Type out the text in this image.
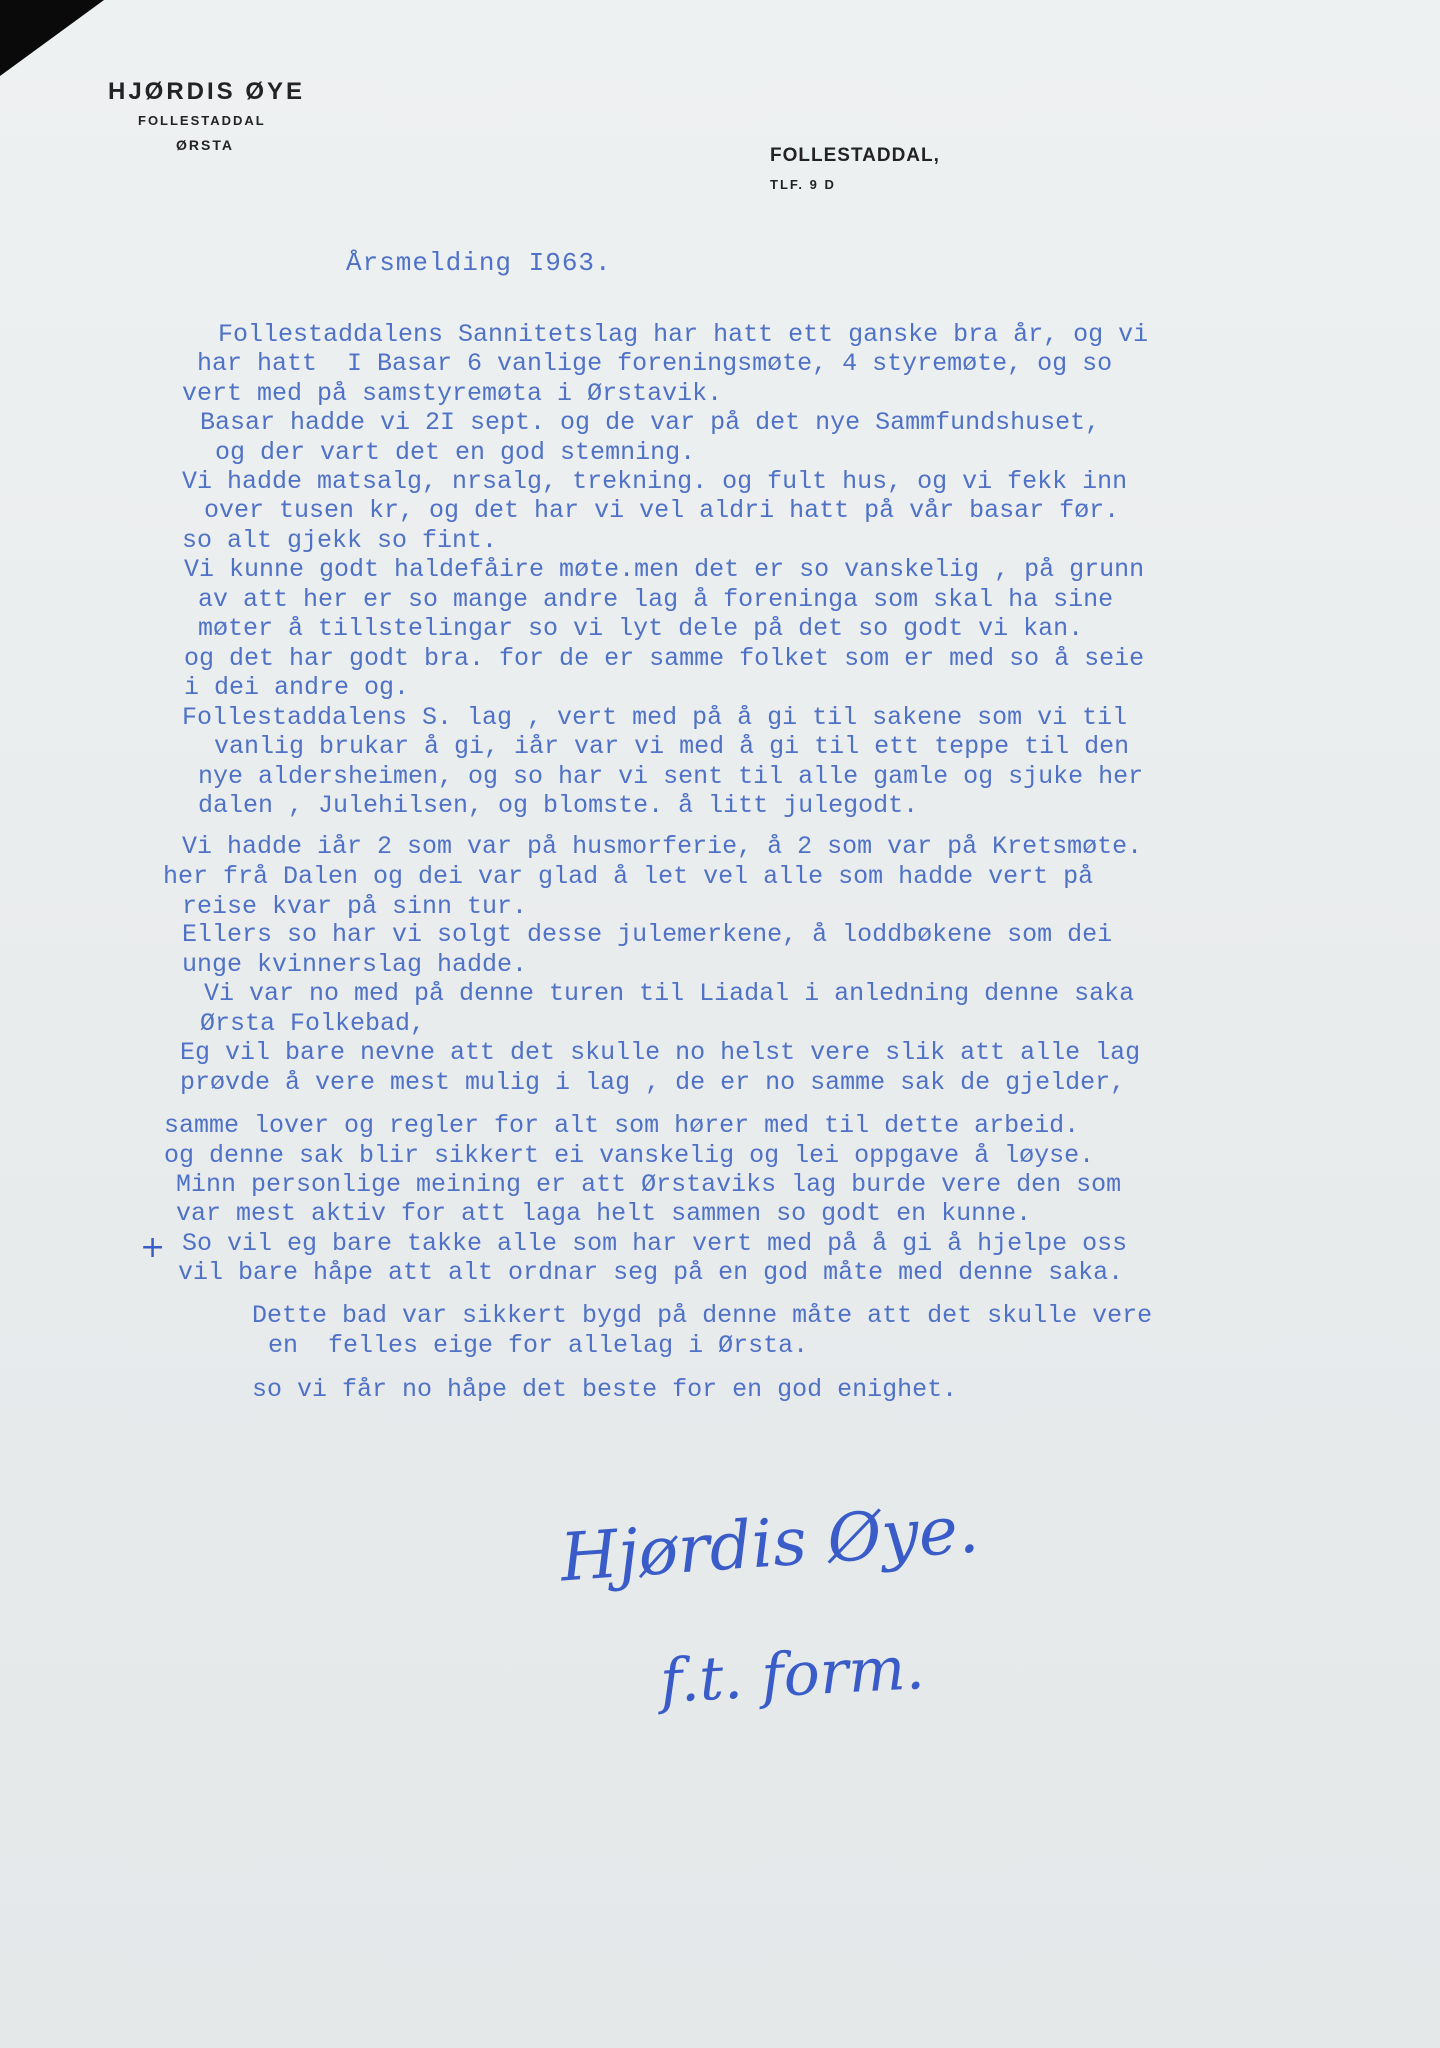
HJØRDIS ØYE
FOLLESTADDAL
ØRSTA	FOLLESTADDAL,
TLF. 9 D
Årsmelding I963.
Follestaddalens Sannitetslag har hatt ett ganske bra år, og vi
har hatt  I Basar 6 vanlige foreningsmøte, 4 styremøte, og so
vert med på samstyremøta i Ørstavik.
Basar hadde vi 2I sept. og de var på det nye Sammfundshuset,
og der vart det en god stemning.
Vi hadde matsalg, nrsalg, trekning. og fult hus, og vi fekk inn
over tusen kr, og det har vi vel aldri hatt på vår basar før.
so alt gjekk so fint.
Vi kunne godt haldefåire møte.men det er so vanskelig , på grunn
av att her er so mange andre lag å foreninga som skal ha sine
møter å tillstelingar so vi lyt dele på det so godt vi kan.
og det har godt bra. for de er samme folket som er med so å seie
i dei andre og.
Follestaddalens S. lag , vert med på å gi til sakene som vi til
vanlig brukar å gi, iår var vi med å gi til ett teppe til den
nye aldersheimen, og so har vi sent til alle gamle og sjuke her
dalen , Julehilsen, og blomste. å litt julegodt.
Vi hadde iår 2 som var på husmorferie, å 2 som var på Kretsmøte.
her frå Dalen og dei var glad å let vel alle som hadde vert på
reise kvar på sinn tur.
Ellers so har vi solgt desse julemerkene, å loddbøkene som dei
unge kvinnerslag hadde.
Vi var no med på denne turen til Liadal i anledning denne saka
Ørsta Folkebad,
Eg vil bare nevne att det skulle no helst vere slik att alle lag
prøvde å vere mest mulig i lag , de er no samme sak de gjelder,
samme lover og regler for alt som hører med til dette arbeid.
og denne sak blir sikkert ei vanskelig og lei oppgave å løyse.
Minn personlige meining er att Ørstaviks lag burde vere den som
var mest aktiv for att laga helt sammen so godt en kunne.
So vil eg bare takke alle som har vert med på å gi å hjelpe oss
vil bare håpe att alt ordnar seg på en god måte med denne saka.
Dette bad var sikkert bygd på denne måte att det skulle vere
en  felles eige for allelag i Ørsta.
so vi får no håpe det beste for en god enighet.
+
Hjørdis Øye.
f.t. form.
